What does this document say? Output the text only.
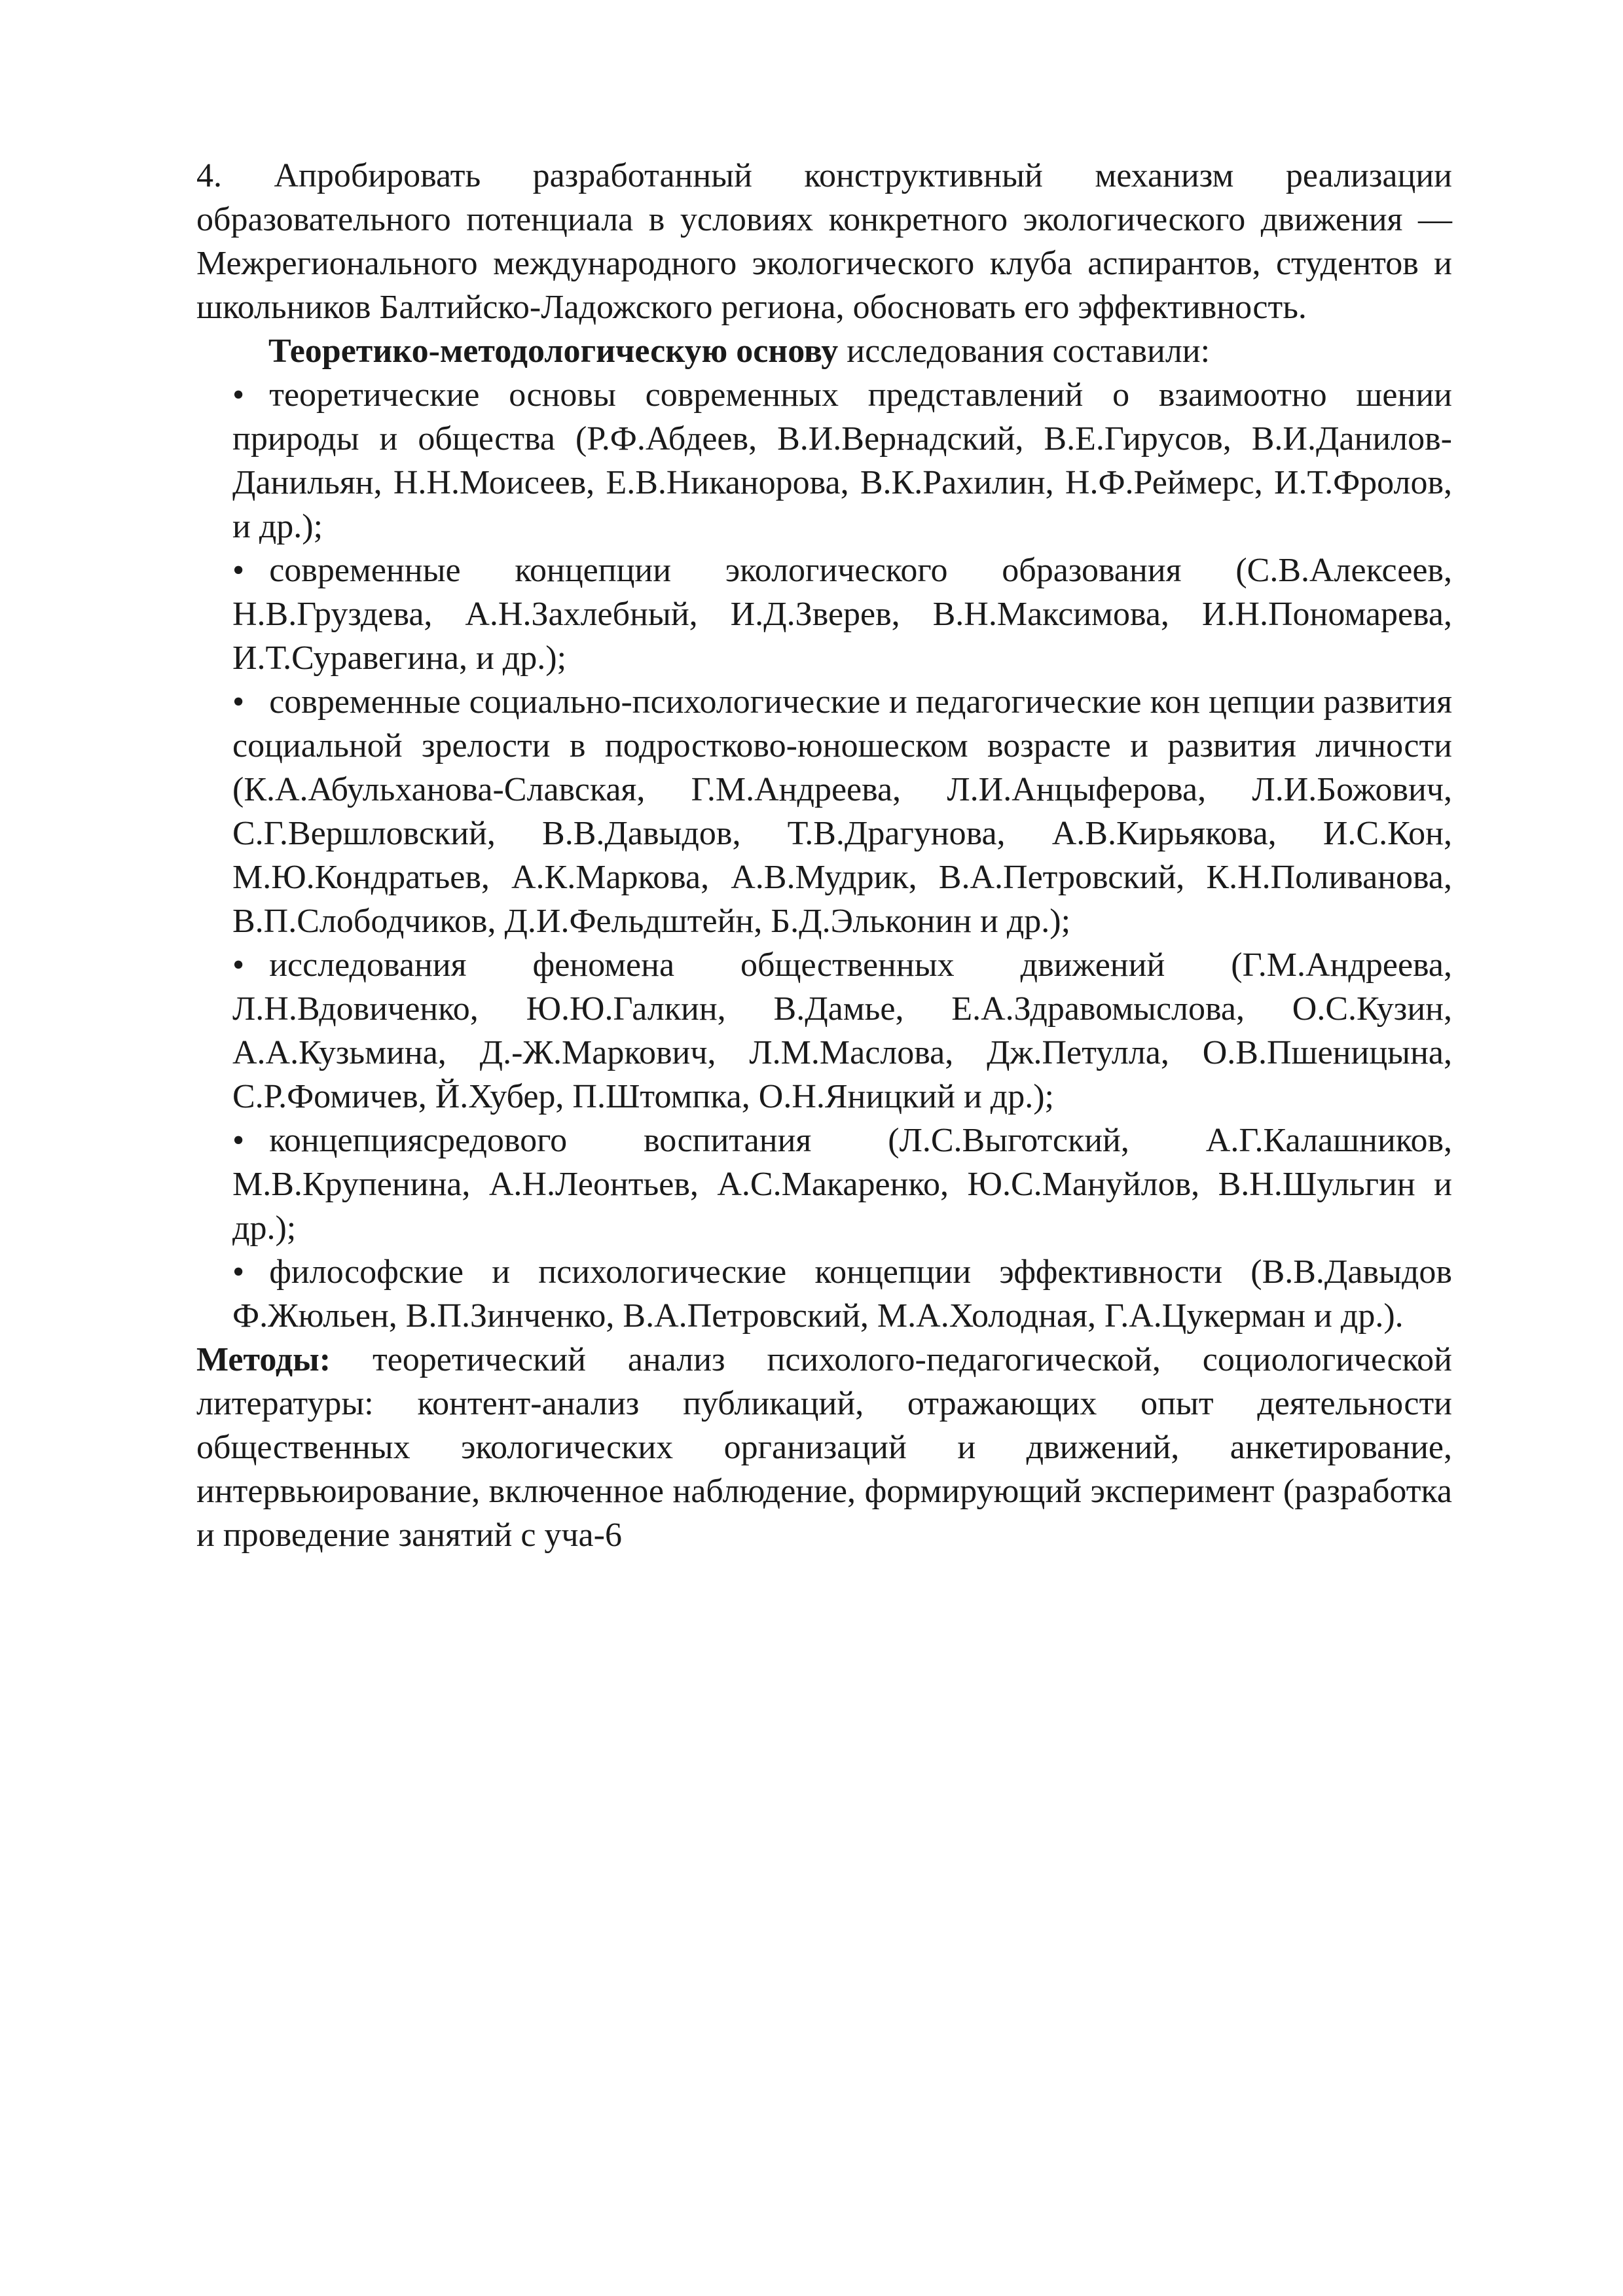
4. Апробировать разработанный конструктивный механизм реализации образовательного потенциала в условиях конкретного экологического движения — Межрегионального международного экологического клуба аспирантов, студентов и школьников Балтийско-Ладожского региона, обосновать его эффективность.

Теоретико-методологическую основу исследования составили:

• теоретические основы современных представлений о взаимоотно шении природы и общества (Р.Ф.Абдеев, В.И.Вернадский, В.Е.Гирусов, В.И.Данилов-Данильян, Н.Н.Моисеев, Е.В.Никанорова, В.К.Рахилин, Н.Ф.Реймерс, И.Т.Фролов, и др.);
• современные концепции экологического образования (С.В.Алексеев, Н.В.Груздева, А.Н.Захлебный, И.Д.Зверев, В.Н.Максимова, И.Н.Пономарева, И.Т.Суравегина, и др.);
• современные социально-психологические и педагогические кон цепции развития социальной зрелости в подростково-юношеском возрасте и развития личности (К.А.Абульханова-Славская, Г.М.Андреева, Л.И.Анцыферова, Л.И.Божович, С.Г.Вершловский, В.В.Давыдов, Т.В.Драгунова, А.В.Кирьякова, И.С.Кон, М.Ю.Кондратьев, А.К.Маркова, А.В.Мудрик, В.А.Петровский, К.Н.Поливанова, В.П.Слободчиков, Д.И.Фельдштейн, Б.Д.Эльконин и др.);
• исследования феномена общественных движений (Г.М.Андреева, Л.Н.Вдовиченко, Ю.Ю.Галкин, В.Дамье, Е.А.Здравомыслова, О.С.Кузин, А.А.Кузьмина, Д.-Ж.Маркович, Л.М.Маслова, Дж.Петулла, О.В.Пшеницына, С.Р.Фомичев, Й.Хубер, П.Штомпка, О.Н.Яницкий и др.);
• концепциясредового воспитания (Л.С.Выготский, А.Г.Калашников, М.В.Крупенина, А.Н.Леонтьев, А.С.Макаренко, Ю.С.Мануйлов, В.Н.Шульгин и др.);
• философские и психологические концепции эффективности (В.В.Давыдов Ф.Жюльен, В.П.Зинченко, В.А.Петровский, М.А.Холодная, Г.А.Цукерман и др.).

Методы: теоретический анализ психолого-педагогической, социологической литературы: контент-анализ публикаций, отражающих опыт деятельности общественных экологических организаций и движений, анкетирование, интервьюирование, включенное наблюдение, формирующий эксперимент (разработка и проведение занятий с уча-6
